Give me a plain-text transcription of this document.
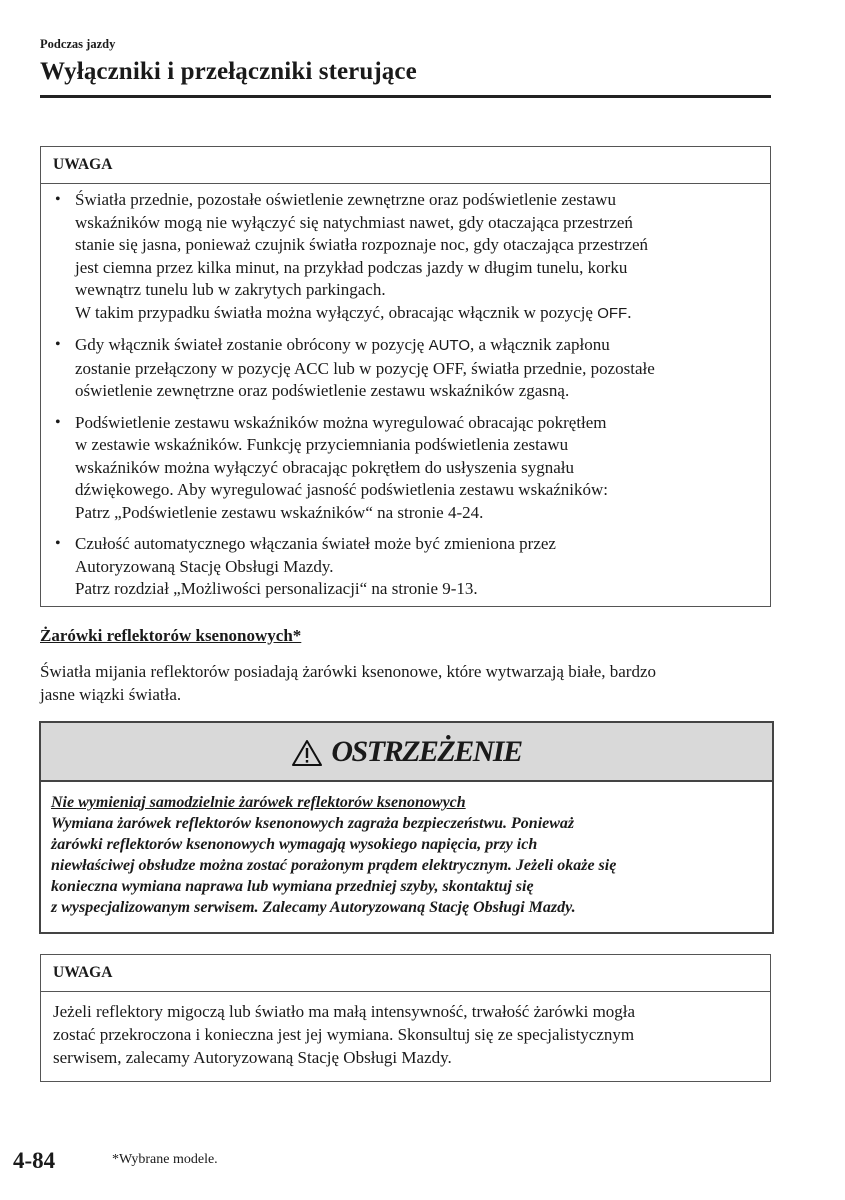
Podczas jazdy
Wyłączniki i przełączniki sterujące
UWAGA
• Światła przednie, pozostałe oświetlenie zewnętrzne oraz podświetlenie zestawu
wskaźników mogą nie wyłączyć się natychmiast nawet, gdy otaczająca przestrzeń
stanie się jasna, ponieważ czujnik światła rozpoznaje noc, gdy otaczająca przestrzeń
jest ciemna przez kilka minut, na przykład podczas jazdy w długim tunelu, korku
wewnątrz tunelu lub w zakrytych parkingach.
W takim przypadku światła można wyłączyć, obracając włącznik w pozycję OFF.
• Gdy włącznik świateł zostanie obrócony w pozycję AUTO, a włącznik zapłonu
zostanie przełączony w pozycję ACC lub w pozycję OFF, światła przednie, pozostałe
oświetlenie zewnętrzne oraz podświetlenie zestawu wskaźników zgasną.
• Podświetlenie zestawu wskaźników można wyregulować obracając pokrętłem
w zestawie wskaźników. Funkcję przyciemniania podświetlenia zestawu
wskaźników można wyłączyć obracając pokrętłem do usłyszenia sygnału
dźwiękowego. Aby wyregulować jasność podświetlenia zestawu wskaźników:
Patrz „Podświetlenie zestawu wskaźników“ na stronie 4-24.
• Czułość automatycznego włączania świateł może być zmieniona przez
Autoryzowaną Stację Obsługi Mazdy.
Patrz rozdział „Możliwości personalizacji“ na stronie 9-13.
Żarówki reflektorów ksenonowych*
Światła mijania reflektorów posiadają żarówki ksenonowe, które wytwarzają białe, bardzo
jasne wiązki światła.
OSTRZEŻENIE
Nie wymieniaj samodzielnie żarówek reflektorów ksenonowych
Wymiana żarówek reflektorów ksenonowych zagraża bezpieczeństwu. Ponieważ
żarówki reflektorów ksenonowych wymagają wysokiego napięcia, przy ich
niewłaściwej obsłudze można zostać porażonym prądem elektrycznym. Jeżeli okaże się
konieczna wymiana naprawa lub wymiana przedniej szyby, skontaktuj się
z wyspecjalizowanym serwisem. Zalecamy Autoryzowaną Stację Obsługi Mazdy.
UWAGA
Jeżeli reflektory migoczą lub światło ma małą intensywność, trwałość żarówki mogła
zostać przekroczona i konieczna jest jej wymiana. Skonsultuj się ze specjalistycznym
serwisem, zalecamy Autoryzowaną Stację Obsługi Mazdy.
4-84	*Wybrane modele.
